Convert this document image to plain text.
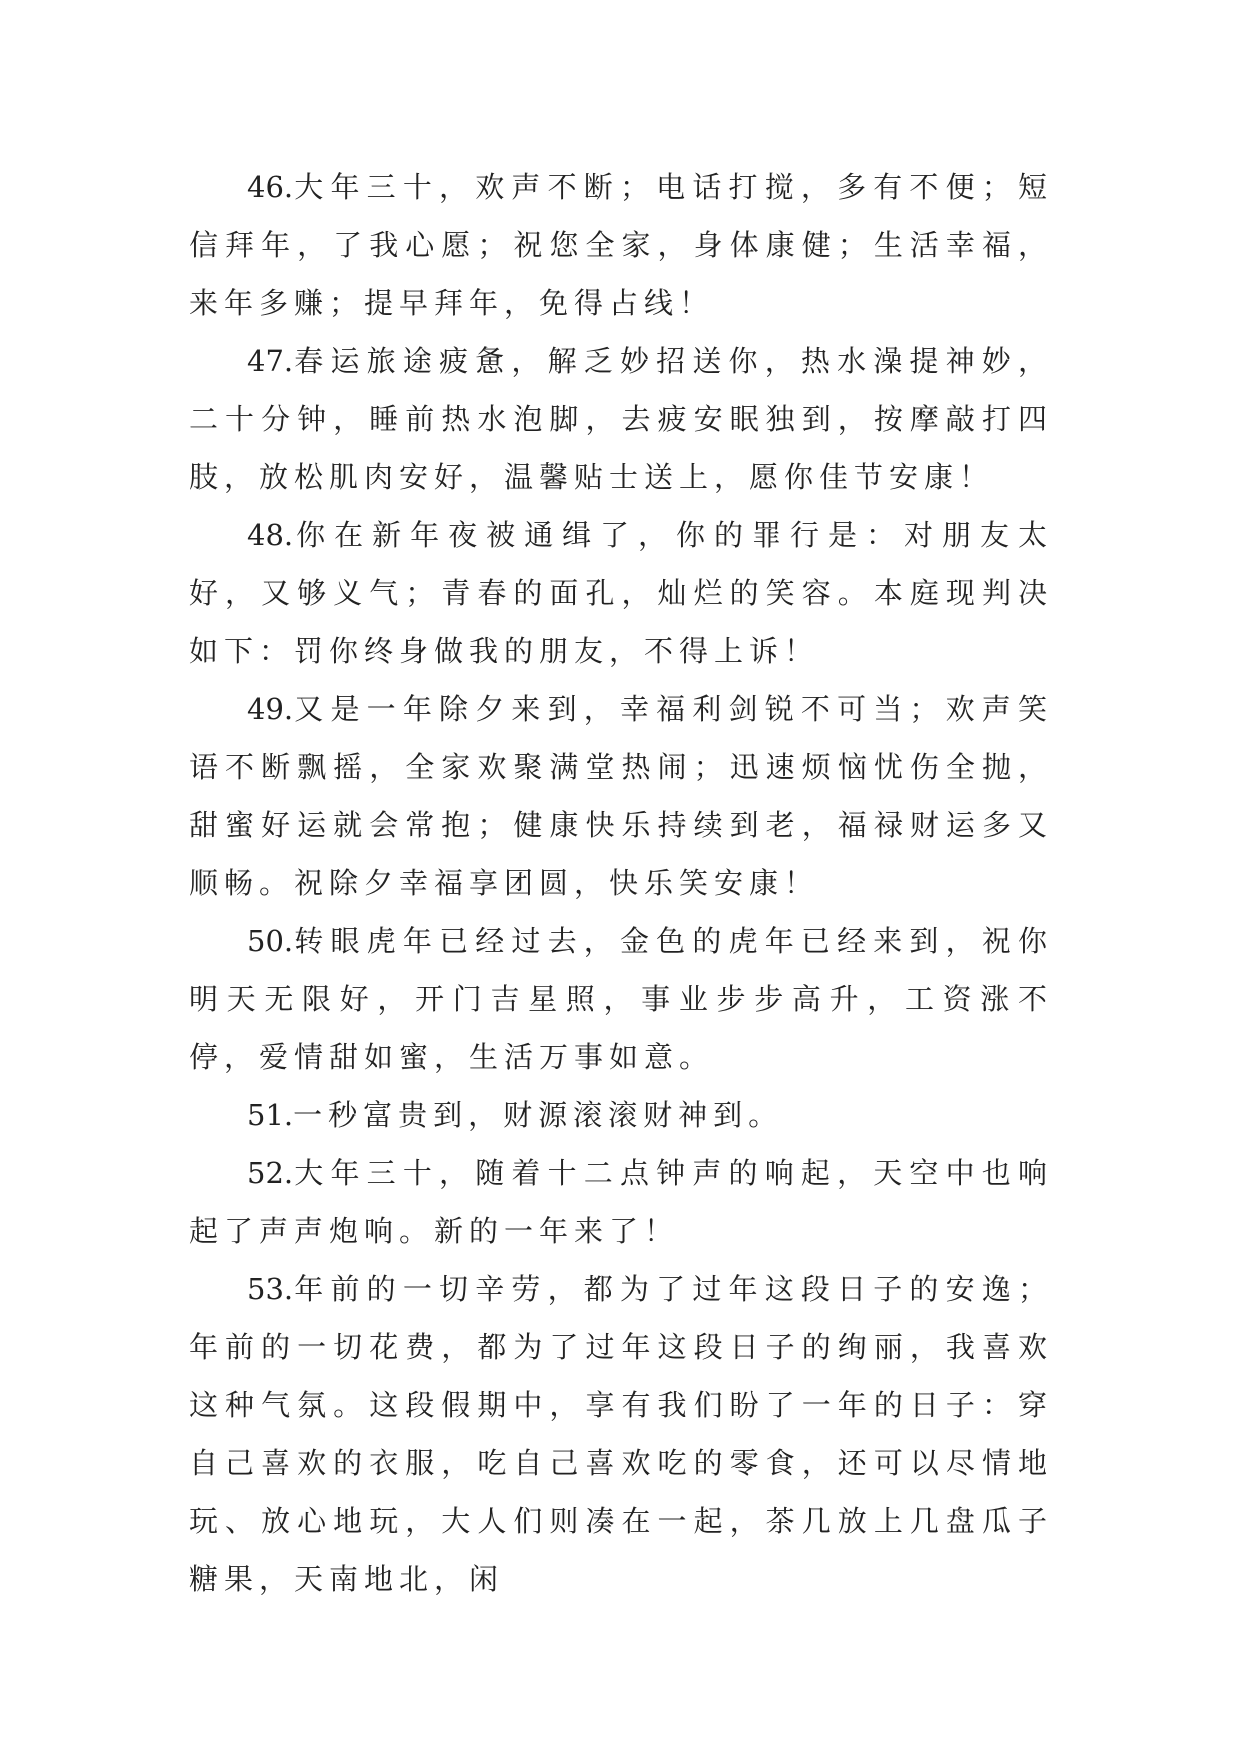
46.大年三十，欢声不断；电话打搅，多有不便；短信拜年，了我心愿；祝您全家，身体康健；生活幸福，来年多赚；提早拜年，免得占线！

47.春运旅途疲惫，解乏妙招送你，热水澡提神妙，二十分钟，睡前热水泡脚，去疲安眠独到，按摩敲打四肢，放松肌肉安好，温馨贴士送上，愿你佳节安康！

48.你在新年夜被通缉了，你的罪行是：对朋友太好，又够义气；青春的面孔，灿烂的笑容。本庭现判决如下：罚你终身做我的朋友，不得上诉！

49.又是一年除夕来到，幸福利剑锐不可当；欢声笑语不断飘摇，全家欢聚满堂热闹；迅速烦恼忧伤全抛，甜蜜好运就会常抱；健康快乐持续到老，福禄财运多又顺畅。祝除夕幸福享团圆，快乐笑安康！

50.转眼虎年已经过去，金色的虎年已经来到，祝你明天无限好，开门吉星照，事业步步高升，工资涨不停，爱情甜如蜜，生活万事如意。

51.一秒富贵到，财源滚滚财神到。

52.大年三十，随着十二点钟声的响起，天空中也响起了声声炮响。新的一年来了！

53.年前的一切辛劳，都为了过年这段日子的安逸；年前的一切花费，都为了过年这段日子的绚丽，我喜欢这种气氛。这段假期中，享有我们盼了一年的日子：穿自己喜欢的衣服，吃自己喜欢吃的零食，还可以尽情地玩、放心地玩，大人们则凑在一起，茶几放上几盘瓜子糖果，天南地北，闲
